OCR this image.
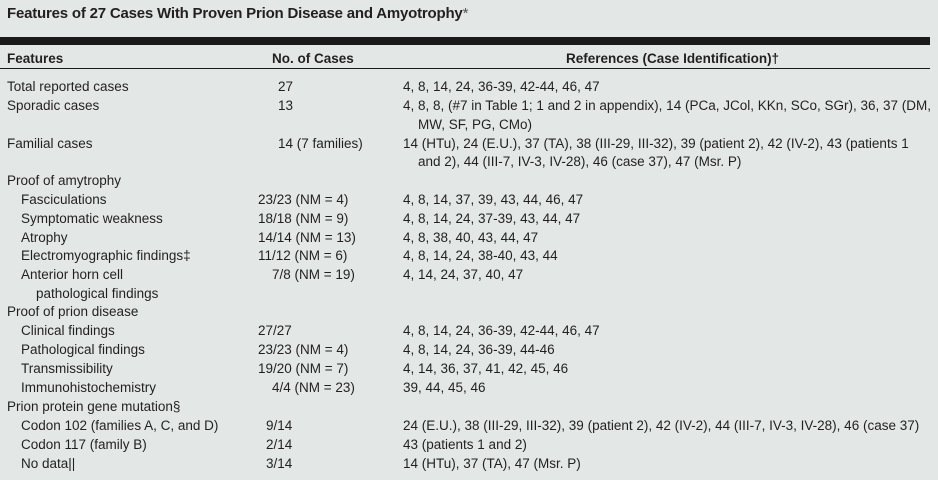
Features of 27 Cases With Proven Prion Disease and Amyotrophy*
Features	No. of Cases	References (Case Identification)†
Total reported cases	27	4, 8, 14, 24, 36-39, 42-44, 46, 47
Sporadic cases	13	4, 8, 8, (#7 in Table 1; 1 and 2 in appendix), 14 (PCa, JCol, KKn, SCo, SGr), 36, 37 (DM,
MW, SF, PG, CMo)
Familial cases	14 (7 families)	14 (HTu), 24 (E.U.), 37 (TA), 38 (III-29, III-32), 39 (patient 2), 42 (IV-2), 43 (patients 1
and 2), 44 (III-7, IV-3, IV-28), 46 (case 37), 47 (Msr. P)
Proof of amytrophy
Fasciculations	23/23 (NM = 4)	4, 8, 14, 37, 39, 43, 44, 46, 47
Symptomatic weakness	18/18 (NM = 9)	4, 8, 14, 24, 37-39, 43, 44, 47
Atrophy	14/14 (NM = 13)	4, 8, 38, 40, 43, 44, 47
Electromyographic findings‡	11/12 (NM = 6)	4, 8, 14, 24, 38-40, 43, 44
Anterior horn cell	7/8 (NM = 19)	4, 14, 24, 37, 40, 47
pathological findings
Proof of prion disease
Clinical findings	27/27	4, 8, 14, 24, 36-39, 42-44, 46, 47
Pathological findings	23/23 (NM = 4)	4, 8, 14, 24, 36-39, 44-46
Transmissibility	19/20 (NM = 7)	4, 14, 36, 37, 41, 42, 45, 46
Immunohistochemistry	4/4 (NM = 23)	39, 44, 45, 46
Prion protein gene mutation§
Codon 102 (families A, C, and D)	9/14	24 (E.U.), 38 (III-29, III-32), 39 (patient 2), 42 (IV-2), 44 (III-7, IV-3, IV-28), 46 (case 37)
Codon 117 (family B)	2/14	43 (patients 1 and 2)
No data||	3/14	14 (HTu), 37 (TA), 47 (Msr. P)
